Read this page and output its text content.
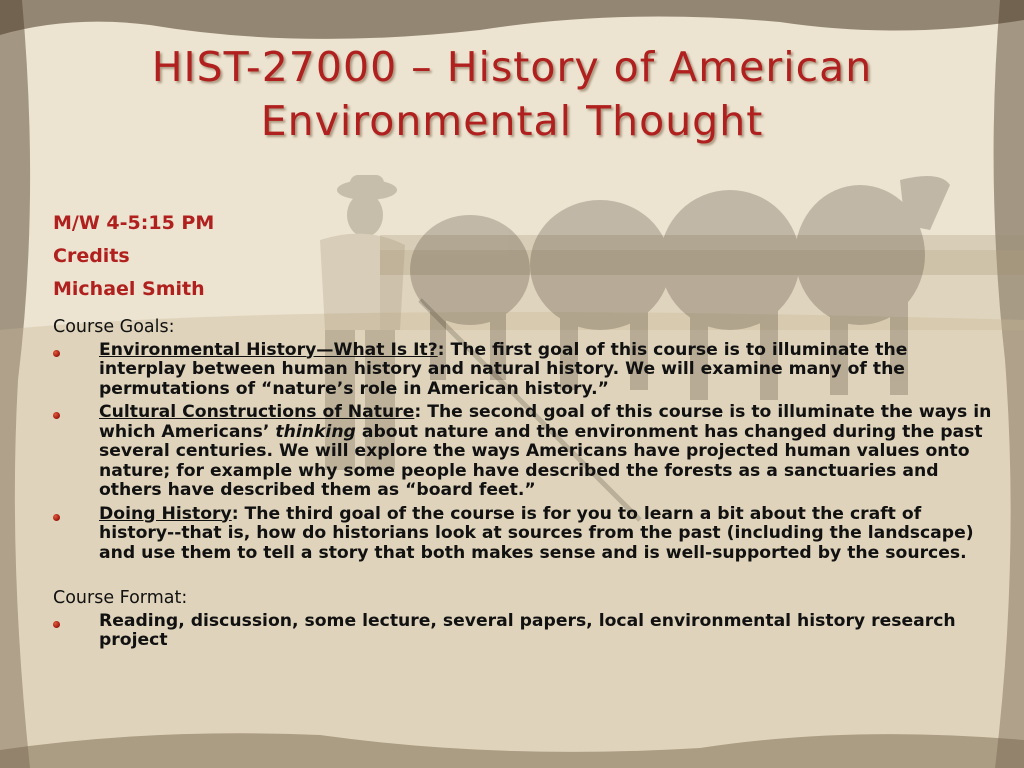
HIST-27000 – History of American
Environmental Thought
M/W 4-5:15 PM
Credits
Michael Smith
Course Goals:
Environmental History—What Is It?: The first goal of this course is to illuminate the interplay between human history and natural history. We will examine many of the permutations of “nature’s role in American history.”
Cultural Constructions of Nature: The second goal of this course is to illuminate the ways in which Americans’ thinking about nature and the environment has changed during the past several centuries. We will explore the ways Americans have projected human values onto nature; for example why some people have described the forests as a sanctuaries and others have described them as “board feet.”
Doing History: The third goal of the course is for you to learn a bit about the craft of history--that is, how do historians look at sources from the past (including the landscape) and use them to tell a story that both makes sense and is well-supported by the sources.
Course Format:
Reading, discussion, some lecture, several papers, local environmental history research project
